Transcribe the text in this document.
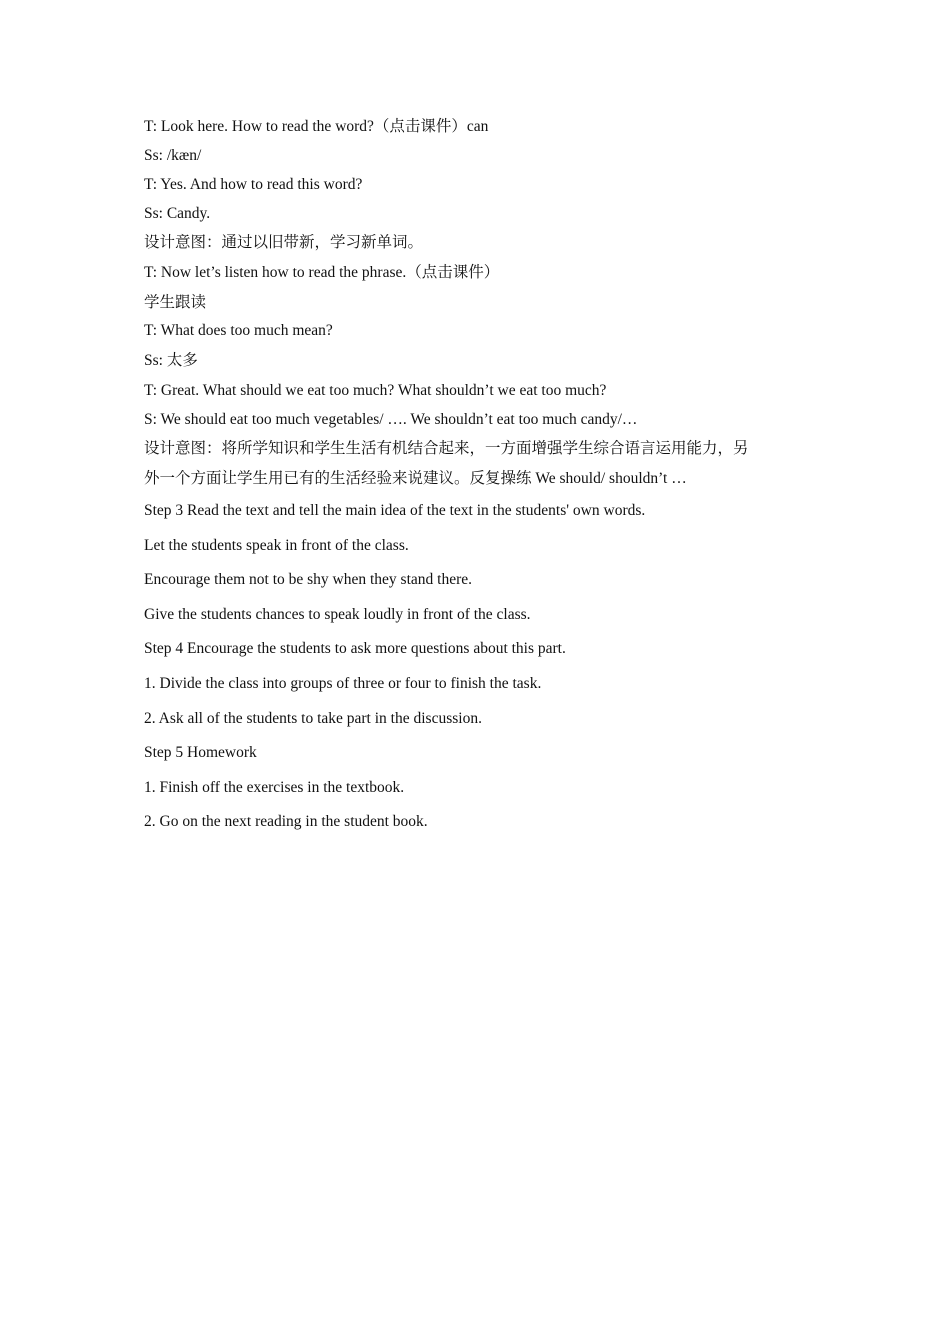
T: Look here. How to read the word?（点击课件）can
Ss: /kæn/
T: Yes. And how to read this word?
Ss: Candy.
设计意图：通过以旧带新，学习新单词。
T: Now let’s listen how to read the phrase.（点击课件）
学生跟读
T: What does too much mean?
Ss: 太多
T: Great. What should we eat too much? What shouldn’t we eat too much?
S: We should eat too much vegetables/ …. We shouldn’t eat too much candy/…
设计意图：将所学知识和学生生活有机结合起来，一方面增强学生综合语言运用能力，另
外一个方面让学生用已有的生活经验来说建议。反复操练 We should/ shouldn’t …
Step 3 Read the text and tell the main idea of the text in the students' own words.
Let the students speak in front of the class.
Encourage them not to be shy when they stand there.
Give the students chances to speak loudly in front of the class.
Step 4 Encourage the students to ask more questions about this part.
1. Divide the class into groups of three or four to finish the task.
2. Ask all of the students to take part in the discussion.
Step 5 Homework
1. Finish off the exercises in the textbook.
2. Go on the next reading in the student book.
